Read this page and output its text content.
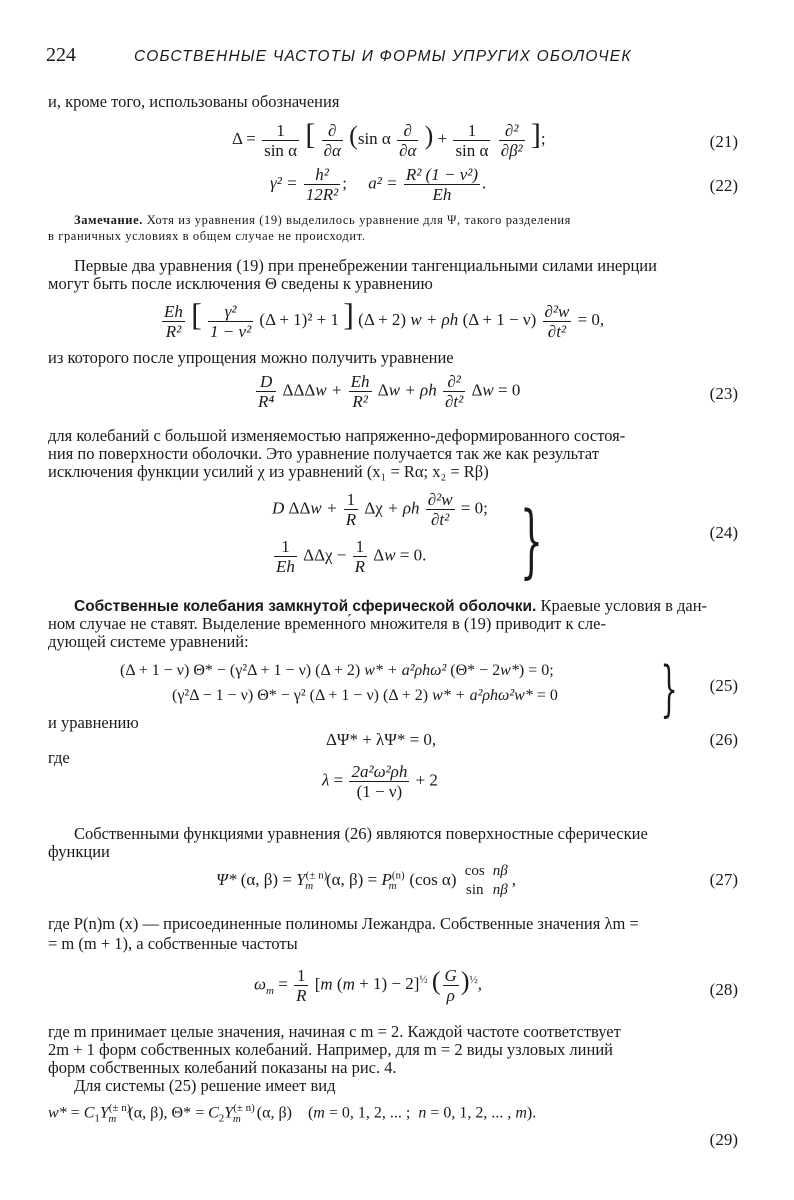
224	СОБСТВЕННЫЕ ЧАСТОТЫ И ФОРМЫ УПРУГИХ ОБОЛОЧЕК
и, кроме того, использованы обозначения
$\Delta = \frac{1}{\text{sin α}}$ [ $\frac{\partial}{\partial\alpha} (\sin$ α $\frac{\partial}{\partial\alpha}$ ) + $\frac{1}{\text{sin α}}$
$\frac{\text{∂²}}{\text{∂β²}}$ ];	(21)
$\gamma^2 = \frac{\text{h²}}{\text{12R²}}$ ;     $a^2 = \frac{\text{R² (1 − ν²)}}{Eh}$ .	(22)
Замечание. Хотя из уравнения (19) выделилось уравнение для Ψ, такого разделения
в граничных условиях в общем случае не происходит.
Первые два уравнения (19) при пренебрежении тангенциальными силами инерции
могут быть после исключения Θ сведены к уравнению
$\frac{Eh}{\text{R²}}$ [ $\frac{\text{γ²}}{\text{1 − ν²}} (\Delta + 1)^2 + 1$ ] (Δ + 2) w + ρh $(\Delta + 1 - \nu) \frac{\text{∂²w}}{\text{∂t²}} = 0$,
из которого после упрощения можно получить уравнение
$\frac{D}{\text{R⁴}}$ $\Delta\Delta\Delta w + \frac{Eh}{\text{R²}}$ Δw + ρh $\frac{\text{∂²}}{\text{∂t²}}$ Δw = 0	(23)
для колебаний с большой изменяемостью напряженно-деформированного состоя-
ния по поверхности оболочки. Это уравнение получается так же как результат
исключения функции усилий χ из уравнений (x₁ = Rα; x₂ = Rβ)
D $\Delta\Delta w + \frac{1}{R}$ Δχ + ρh $\frac{\text{∂²w}}{\text{∂t²}} = 0$;
$\frac{1}{Eh}$ $\Delta\Delta\chi - \frac{1}{R}$ Δw = 0. }	(24)
Собственные колебания замкнутой сферической оболочки. Краевые условия в дан-
ном случае не ставят. Выделение временно́го множителя в (19) приводит к сле-
дующей системе уравнений:
(Δ + 1 − ν) Θ* − (γ²Δ + 1 − ν) (Δ + 2) w* + a²ρhω² (Θ* − 2w*) = 0;
(γ²Δ − 1 − ν) Θ* − γ² (Δ + 1 − ν) (Δ + 2) w* + a²ρhω²w* = 0 } (25)
и уравнению
ΔΨ* + λΨ* = 0,	(26)
где
$\lambda = \frac{\text{2a²ω²ρh}}{(1 - \nu)} + 2$
Собственными функциями уравнения (26) являются поверхностные сферические
функции
Ψ* (α, $\beta) = Y^{(\pm n)}_m$ (α, $\beta) = P^{(n)}_m$ (cos α) cos
sin
nβ
nβ
,	(27)
где P(n)m (x) — присоединенные полиномы Лежандра. Собственные значения λm =
= m (m + 1), а собственные частоты
$\omega_m = \frac{1}{R} [m$ (m + 1) − 2]$^{\frac{1}{2}}$ ( $\frac{G}{\rho} )^{\frac{1}{2}}$,	(28)
где m принимает целые значения, начиная с m = 2. Каждой частоте соответствует
2m + 1 форм собственных колебаний. Например, для m = 2 виды узловых линий
форм собственных колебаний показаны на рис. 4.
Для системы (25) решение имеет вид
$w* = C_1Y^{(\pm n)}_m$ (α, β), $\Theta* = C_2Y^{(\pm n)}_m$ (α, β)    (m = 0, 1, 2, ... ;  n = 0, 1, 2, ... , m).
(29)
